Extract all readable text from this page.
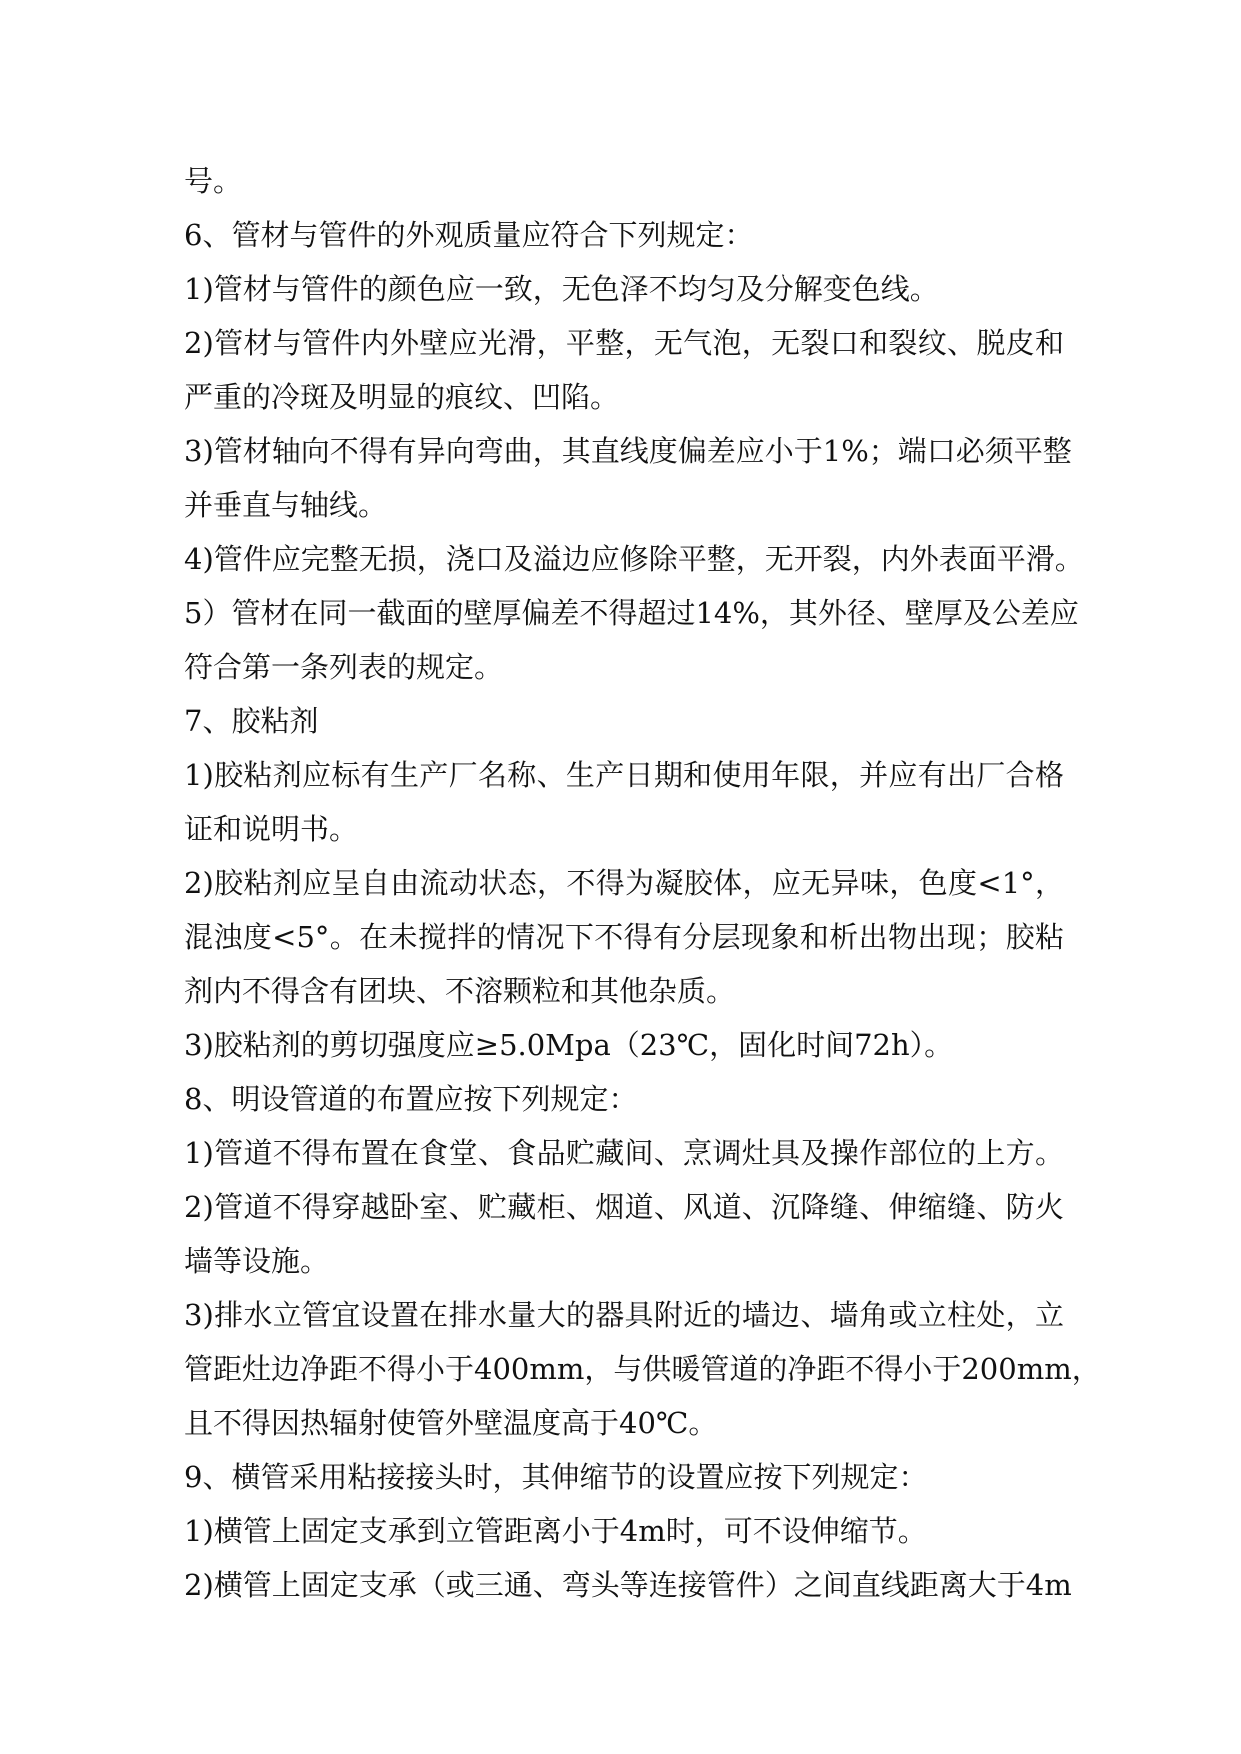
号。
6、管材与管件的外观质量应符合下列规定：
1)管材与管件的颜色应一致，无色泽不均匀及分解变色线。
2)管材与管件内外壁应光滑，平整，无气泡，无裂口和裂纹、脱皮和
严重的冷斑及明显的痕纹、凹陷。
3)管材轴向不得有异向弯曲，其直线度偏差应小于1%；端口必须平整
并垂直与轴线。
4)管件应完整无损，浇口及溢边应修除平整，无开裂，内外表面平滑。
5）管材在同一截面的壁厚偏差不得超过14%，其外径、壁厚及公差应
符合第一条列表的规定。
7、胶粘剂
1)胶粘剂应标有生产厂名称、生产日期和使用年限，并应有出厂合格
证和说明书。
2)胶粘剂应呈自由流动状态，不得为凝胶体，应无异味，色度<1°，
混浊度<5°。在未搅拌的情况下不得有分层现象和析出物出现；胶粘
剂内不得含有团块、不溶颗粒和其他杂质。
3)胶粘剂的剪切强度应≥5.0Mpa（23℃，固化时间72h）。
8、明设管道的布置应按下列规定：
1)管道不得布置在食堂、食品贮藏间、烹调灶具及操作部位的上方。
2)管道不得穿越卧室、贮藏柜、烟道、风道、沉降缝、伸缩缝、防火
墙等设施。
3)排水立管宜设置在排水量大的器具附近的墙边、墙角或立柱处，立
管距灶边净距不得小于400mm，与供暖管道的净距不得小于200mm，
且不得因热辐射使管外壁温度高于40℃。
9、横管采用粘接接头时，其伸缩节的设置应按下列规定：
1)横管上固定支承到立管距离小于4m时，可不设伸缩节。
2)横管上固定支承（或三通、弯头等连接管件）之间直线距离大于4m
